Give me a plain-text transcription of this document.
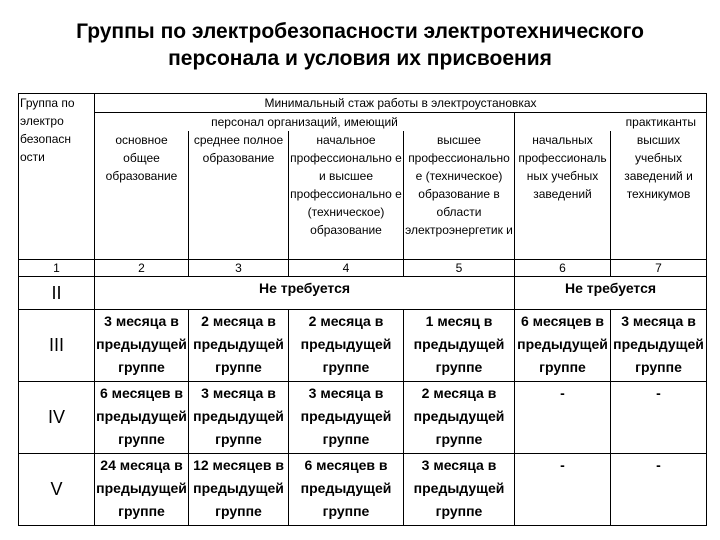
Группы по электробезопасности электротехнического
персонала и условия их присвоения
Группа по электро безопасн ости	Минимальный стаж работы в электроустановках					
	персонал организаций, имеющий				практиканты	
	основное общее образование	среднее полное образование	начальное профессионально е и высшее профессионально е (техническое) образование	высшее профессионально е (техническое) образование в области электроэнергетик и	начальных профессиональ ных учебных заведений	высших учебных заведений и техникумов
1	2	3	4	5	6	7
II	Не требуется				Не требуется	
III	3 месяца в предыдущей группе	2 месяца в предыдущей группе	2 месяца в предыдущей группе	1 месяц в предыдущей группе	6 месяцев в предыдущей группе	3 месяца в предыдущей группе
IV	6 месяцев в предыдущей группе	3 месяца в предыдущей группе	3 месяца в предыдущей группе	2 месяца в предыдущей группе	-	-
V	24 месяца в предыдущей группе	12 месяцев в предыдущей группе	6 месяцев в предыдущей группе	3 месяца в предыдущей группе	-	-
